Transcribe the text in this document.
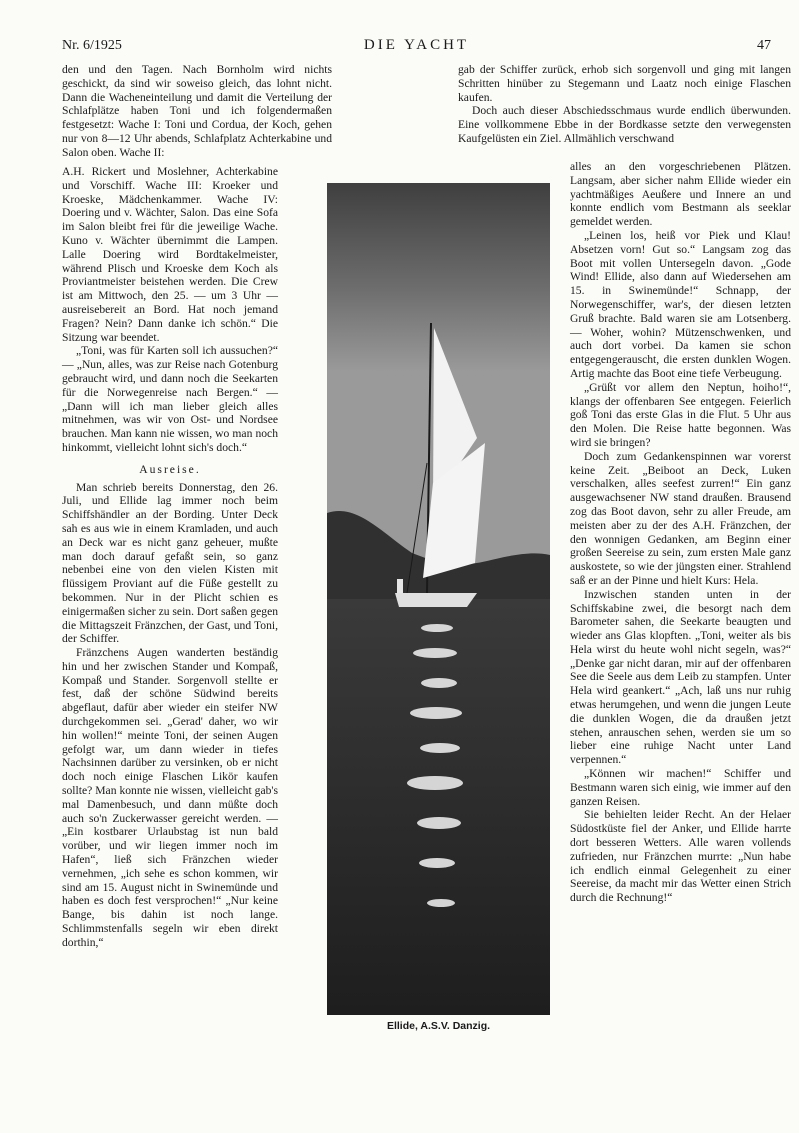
Nr. 6/1925	DIE YACHT	47

den und den Tagen. Nach Bornholm wird nichts geschickt, da sind wir soweiso gleich, das lohnt nicht. Dann die Wacheneinteilung und damit die Verteilung der Schlafplätze haben Toni und ich folgendermaßen festgesetzt: Wache I: Toni und Cordua, der Koch, gehen nur von 8—12 Uhr abends, Schlafplatz Achterkabine und Salon oben. Wache II:

A.H. Rickert und Moslehner, Achterkabine und Vorschiff. Wache III: Kroeker und Kroeske, Mädchenkammer. Wache IV: Doering und v. Wächter, Salon. Das eine Sofa im Salon bleibt frei für die jeweilige Wache. Kuno v. Wächter übernimmt die Lampen. Lalle Doering wird Bordtakelmeister, während Plisch und Kroeske dem Koch als Proviantmeister beistehen werden. Die Crew ist am Mittwoch, den 25. — um 3 Uhr — ausreisebereit an Bord. Hat noch jemand Fragen? Nein? Dann danke ich schön.“ Die Sitzung war beendet.

„Toni, was für Karten soll ich aussuchen?“ — „Nun, alles, was zur Reise nach Gotenburg gebraucht wird, und dann noch die Seekarten für die Norwegenreise nach Bergen.“ — „Dann will ich man lieber gleich alles mitnehmen, was wir von Ost- und Nordsee brauchen. Man kann nie wissen, wo man noch hinkommt, vielleicht lohnt sich's doch.“

Ausreise.

Man schrieb bereits Donnerstag, den 26. Juli, und Ellide lag immer noch beim Schiffshändler an der Bording. Unter Deck sah es aus wie in einem Kramladen, und auch an Deck war es nicht ganz geheuer, mußte man doch darauf gefaßt sein, so ganz nebenbei eine von den vielen Kisten mit flüssigem Proviant auf die Füße gestellt zu bekommen. Nur in der Plicht schien es einigermaßen sicher zu sein. Dort saßen gegen die Mittagszeit Fränzchen, der Gast, und Toni, der Schiffer.

Fränzchens Augen wanderten beständig hin und her zwischen Stander und Kompaß, Kompaß und Stander. Sorgenvoll stellte er fest, daß der schöne Südwind bereits abgeflaut, dafür aber wieder ein steifer NW durchgekommen sei. „Gerad' daher, wo wir hin wollen!“ meinte Toni, der seinen Augen gefolgt war, um dann wieder in tiefes Nachsinnen darüber zu versinken, ob er nicht doch noch einige Flaschen Likör kaufen sollte? Man konnte nie wissen, vielleicht gab's mal Damenbesuch, und dann müßte doch auch so'n Zuckerwasser gereicht werden. — „Ein kostbarer Urlaubstag ist nun bald vorüber, und wir liegen immer noch im Hafen“, ließ sich Fränzchen wieder vernehmen, „ich sehe es schon kommen, wir sind am 15. August nicht in Swinemünde und haben es doch fest versprochen!“ „Nur keine Bange, bis dahin ist noch lange. Schlimmstenfalls segeln wir eben direkt dorthin,“

Ellide, A.S.V. Danzig.

gab der Schiffer zurück, erhob sich sorgenvoll und ging mit langen Schritten hinüber zu Stegemann und Laatz noch einige Flaschen kaufen.

Doch auch dieser Abschiedsschmaus wurde endlich überwunden. Eine vollkommene Ebbe in der Bordkasse setzte den verwegensten Kaufgelüsten ein Ziel. Allmählich verschwand

alles an den vorgeschriebenen Plätzen. Langsam, aber sicher nahm Ellide wieder ein yachtmäßiges Aeußere und Innere an und konnte endlich vom Bestmann als seeklar gemeldet werden.

„Leinen los, heiß vor Piek und Klau! Absetzen vorn! Gut so.“ Langsam zog das Boot mit vollen Untersegeln davon. „Gode Wind! Ellide, also dann auf Wiedersehen am 15. in Swinemünde!“ Schnapp, der Norwegenschiffer, war's, der diesen letzten Gruß brachte. Bald waren sie am Lotsenberg. — Woher, wohin? Mützenschwenken, und auch dort vorbei. Da kamen sie schon entgegengerauscht, die ersten dunklen Wogen. Artig machte das Boot eine tiefe Verbeugung.

„Grüßt vor allem den Neptun, hoiho!“, klangs der offenbaren See entgegen. Feierlich goß Toni das erste Glas in die Flut. 5 Uhr aus den Molen. Die Reise hatte begonnen. Was wird sie bringen?

Doch zum Gedankenspinnen war vorerst keine Zeit. „Beiboot an Deck, Luken verschalken, alles seefest zurren!“ Ein ganz ausgewachsener NW stand draußen. Brausend zog das Boot davon, sehr zu aller Freude, am meisten aber zu der des A.H. Fränzchen, der den wonnigen Gedanken, am Beginn einer großen Seereise zu sein, zum ersten Male ganz auskostete, so wie der jüngsten einer. Strahlend saß er an der Pinne und hielt Kurs: Hela.

Inzwischen standen unten in der Schiffskabine zwei, die besorgt nach dem Barometer sahen, die Seekarte beaugten und wieder ans Glas klopften. „Toni, weiter als bis Hela wirst du heute wohl nicht segeln, was?“ „Denke gar nicht daran, mir auf der offenbaren See die Seele aus dem Leib zu stampfen. Unter Hela wird geankert.“ „Ach, laß uns nur ruhig etwas herumgehen, und wenn die jungen Leute die dunklen Wogen, die da draußen jetzt stehen, anrauschen sehen, werden sie um so lieber eine ruhige Nacht unter Land verpennen.“

„Können wir machen!“ Schiffer und Bestmann waren sich einig, wie immer auf den ganzen Reisen.

Sie behielten leider Recht. An der Helaer Südostküste fiel der Anker, und Ellide harrte dort besseren Wetters. Alle waren vollends zufrieden, nur Fränzchen murrte: „Nun habe ich endlich einmal Gelegenheit zu einer Seereise, da macht mir das Wetter einen Strich durch die Rechnung!“
